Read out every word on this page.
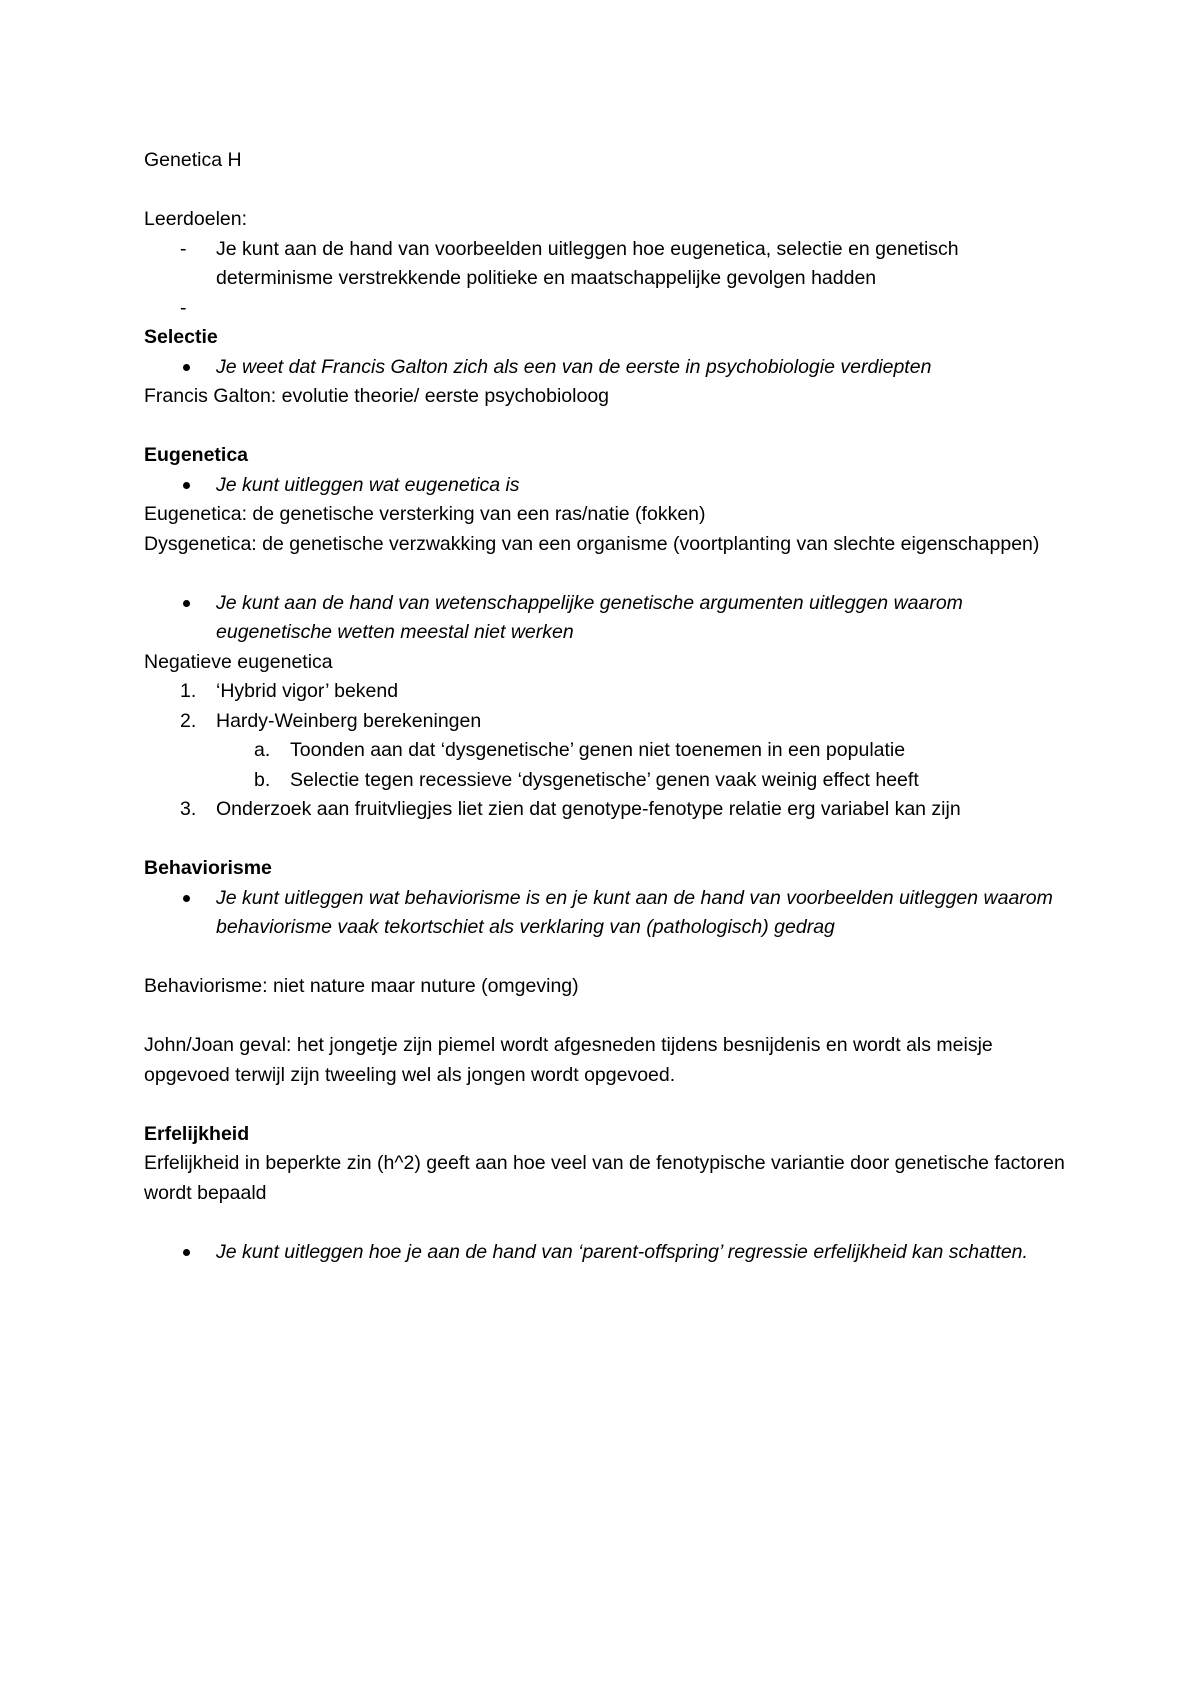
Genetica H

Leerdoelen:

- Je kunt aan de hand van voorbeelden uitleggen hoe eugenetica, selectie en genetisch determinisme verstrekkende politieke en maatschappelijke gevolgen hadden
-

Selectie

Je weet dat Francis Galton zich als een van de eerste in psychobiologie verdiepten

Francis Galton: evolutie theorie/ eerste psychobioloog

Eugenetica

Je kunt uitleggen wat eugenetica is

Eugenetica: de genetische versterking van een ras/natie (fokken)

Dysgenetica: de genetische verzwakking van een organisme (voortplanting van slechte eigenschappen)

Je kunt aan de hand van wetenschappelijke genetische argumenten uitleggen waarom eugenetische wetten meestal niet werken

Negatieve eugenetica

1. ‘Hybrid vigor’ bekend
2. Hardy-Weinberg berekeningen
a. Toonden aan dat ‘dysgenetische’ genen niet toenemen in een populatie
b. Selectie tegen recessieve ‘dysgenetische’ genen vaak weinig effect heeft
3. Onderzoek aan fruitvliegjes liet zien dat genotype-fenotype relatie erg variabel kan zijn

Behaviorisme

Je kunt uitleggen wat behaviorisme is en je kunt aan de hand van voorbeelden uitleggen waarom behaviorisme vaak tekortschiet als verklaring van (pathologisch) gedrag

Behaviorisme: niet nature maar nuture (omgeving)

John/Joan geval: het jongetje zijn piemel wordt afgesneden tijdens besnijdenis en wordt als meisje opgevoed terwijl zijn tweeling wel als jongen wordt opgevoed.

Erfelijkheid

Erfelijkheid in beperkte zin (h^2) geeft aan hoe veel van de fenotypische variantie door genetische factoren wordt bepaald

Je kunt uitleggen hoe je aan de hand van ‘parent-offspring’ regressie erfelijkheid kan schatten.
